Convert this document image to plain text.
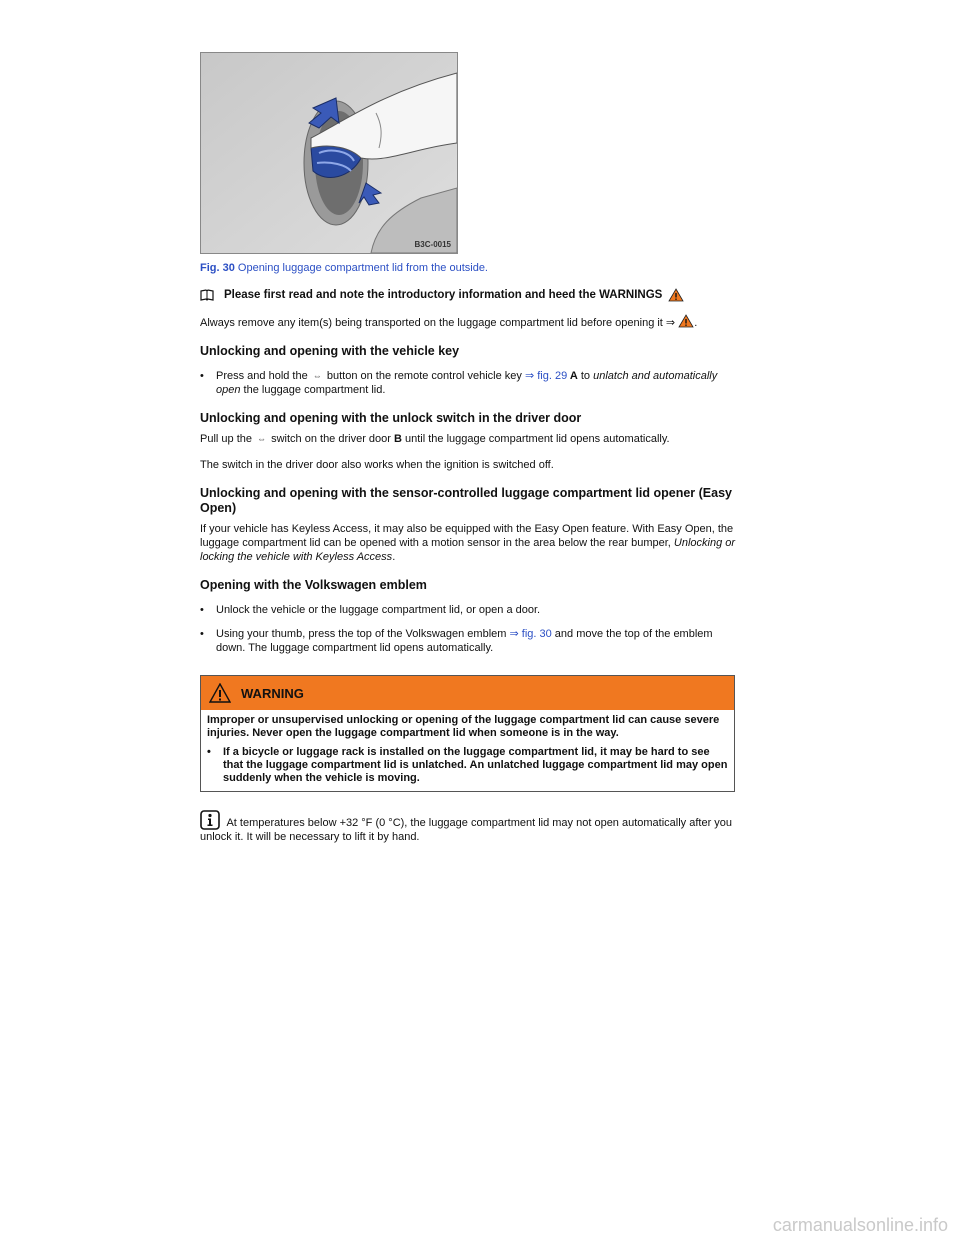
B3C-0015
Fig. 30 Opening luggage compartment lid from the outside.
Please first read and note the introductory information and heed the WARNINGS

Always remove any item(s) being transported on the luggage compartment lid before opening it ⇒ .

Unlocking and opening with the vehicle key
•	Press and hold the ⇔ button on the remote control vehicle key ⇒ fig. 29 A to unlatch and automatically open the luggage compartment lid.
Unlocking and opening with the unlock switch in the driver door

Pull up the ⇔ switch on the driver door B until the luggage compartment lid opens automatically.

The switch in the driver door also works when the ignition is switched off.

Unlocking and opening with the sensor-controlled luggage compartment lid opener (Easy Open)

If your vehicle has Keyless Access, it may also be equipped with the Easy Open feature. With Easy Open, the luggage compartment lid can be opened with a motion sensor in the area below the rear bumper, Unlocking or locking the vehicle with Keyless Access.

Opening with the Volkswagen emblem
•	Unlock the vehicle or the luggage compartment lid, or open a door.
•	Using your thumb, press the top of the Volkswagen emblem ⇒ fig. 30 and move the top of the emblem down. The luggage compartment lid opens automatically.
WARNING
Improper or unsupervised unlocking or opening of the luggage compartment lid can cause severe injuries. Never open the luggage compartment lid when someone is in the way.
•	If a bicycle or luggage rack is installed on the luggage compartment lid, it may be hard to see that the luggage compartment lid is unlatched. An unlatched luggage compartment lid may open suddenly when the vehicle is moving.
At temperatures below +32 °F (0 °C), the luggage compartment lid may not open automatically after you unlock it. It will be necessary to lift it by hand.
carmanualsonline.info
